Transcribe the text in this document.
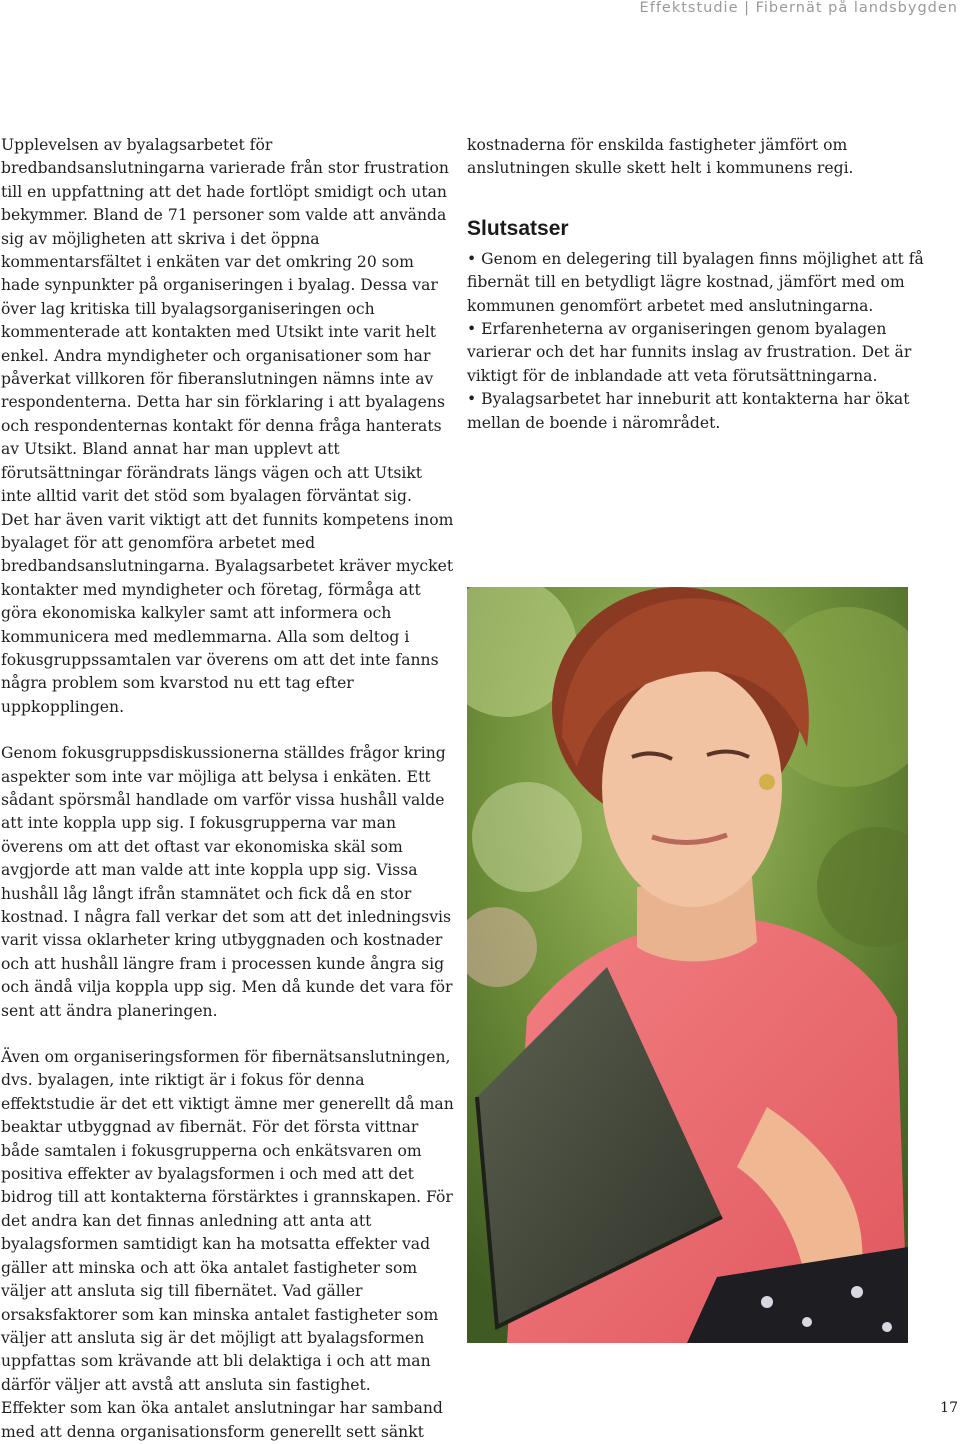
Effektstudie | Fibernät på landsbygden

Upplevelsen av byalagsarbetet för bredbandsanslutningarna varierade från stor frustration till en uppfattning att det hade fortlöpt smidigt och utan bekymmer. Bland de 71 personer som valde att använda sig av möjligheten att skriva i det öppna kommentarsfältet i enkäten var det omkring 20 som hade synpunkter på organiseringen i byalag. Dessa var över lag kritiska till byalagsorganiseringen och kommenterade att kontakten med Utsikt inte varit helt enkel. Andra myndigheter och organisationer som har påverkat villkoren för fiberanslutningen nämns inte av respondenterna. Detta har sin förklaring i att byalagens och respondenternas kontakt för denna fråga hanterats av Utsikt. Bland annat har man upplevt att förutsättningar förändrats längs vägen och att Utsikt inte alltid varit det stöd som byalagen förväntat sig.

Det har även varit viktigt att det funnits kompetens inom byalaget för att genomföra arbetet med bredbandsanslutningarna. Byalagsarbetet kräver mycket kontakter med myndigheter och företag, förmåga att göra ekonomiska kalkyler samt att informera och kommunicera med medlemmarna. Alla som deltog i fokusgruppssamtalen var överens om att det inte fanns några problem som kvarstod nu ett tag efter uppkopplingen.

Genom fokusgruppsdiskussionerna ställdes frågor kring aspekter som inte var möjliga att belysa i enkäten. Ett sådant spörsmål handlade om varför vissa hushåll valde att inte koppla upp sig. I fokusgrupperna var man överens om att det oftast var ekonomiska skäl som avgjorde att man valde att inte koppla upp sig. Vissa hushåll låg långt ifrån stamnätet och fick då en stor kostnad. I några fall verkar det som att det inledningsvis varit vissa oklarheter kring utbyggnaden och kostnader och att hushåll längre fram i processen kunde ångra sig och ändå vilja koppla upp sig. Men då kunde det vara för sent att ändra planeringen.

Även om organiseringsformen för fibernätsanslutningen, dvs. byalagen, inte riktigt är i fokus för denna effektstudie är det ett viktigt ämne mer generellt då man beaktar utbyggnad av fibernät. För det första vittnar både samtalen i fokusgrupperna och enkätsvaren om positiva effekter av byalagsformen i och med att det bidrog till att kontakterna förstärktes i grannskapen. För det andra kan det finnas anledning att anta att byalagsformen samtidigt kan ha motsatta effekter vad gäller att minska och att öka antalet fastigheter som väljer att ansluta sig till fibernätet. Vad gäller orsaksfaktorer som kan minska antalet fastigheter som väljer att ansluta sig är det möjligt att byalagsformen uppfattas som krävande att bli delaktiga i och att man därför väljer att avstå att ansluta sin fastighet.

Effekter som kan öka antalet anslutningar har samband med att denna organisationsform generellt sett sänkt

kostnaderna för enskilda fastigheter jämfört om anslutningen skulle skett helt i kommunens regi.

Slutsatser

• Genom en delegering till byalagen finns möjlighet att få fibernät till en betydligt lägre kostnad, jämfört med om kommunen genomfört arbetet med anslutningarna.

• Erfarenheterna av organiseringen genom byalagen varierar och det har funnits inslag av frustration. Det är viktigt för de inblandade att veta förutsättningarna.

• Byalagsarbetet har inneburit att kontakterna har ökat mellan de boende i närområdet.

17
